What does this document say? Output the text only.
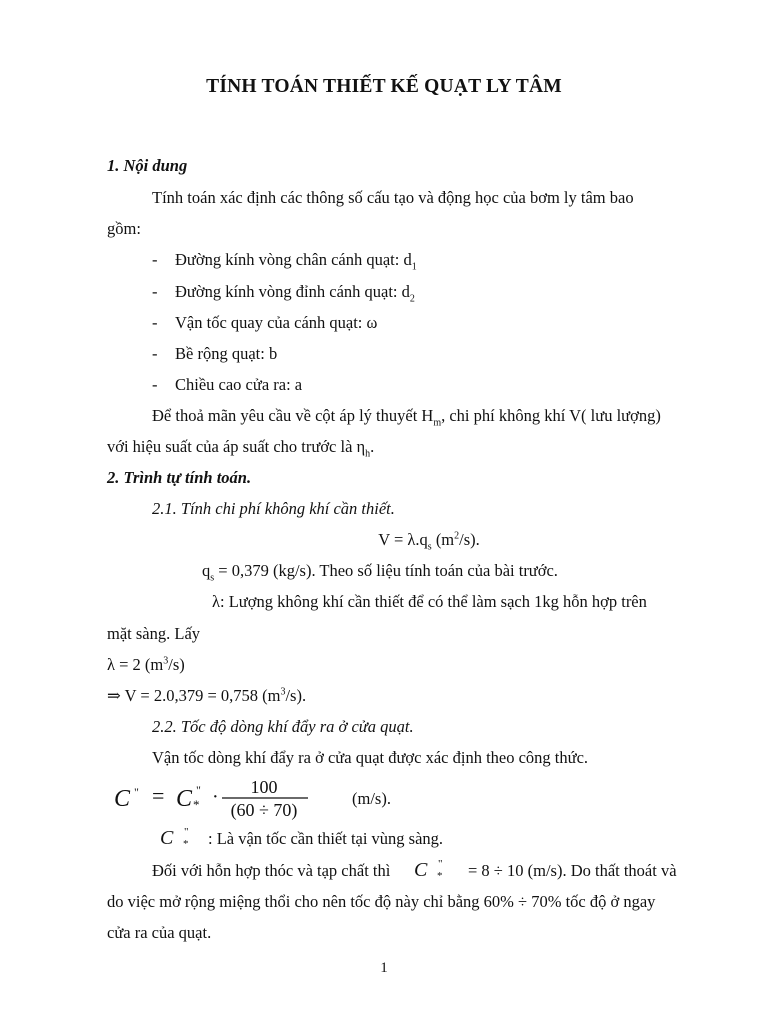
TÍNH TOÁN THIẾT KẾ QUẠT LY TÂM
1. Nội dung
Tính toán xác định các thông số cấu tạo và động học của bơm ly tâm bao
gồm:
- Đường kính vòng chân cánh quạt: $d_1$
- Đường kính vòng đỉnh cánh quạt: $d_2$
- Vận tốc quay của cánh quạt: ω
- Bề rộng quạt: b
- Chiều cao cửa ra: a
Để thoả mãn yêu cầu về cột áp lý thuyết $H_m$, chi phí không khí V( lưu lượng)
với hiệu suất của áp suất cho trước là $\eta_h$.
2. Trình tự tính toán.
2.1. Tính chi phí không khí cần thiết.
$V = \lambda.q_s$ $(m^2/s)$.
$q_s = 0,379$ (kg/s). Theo số liệu tính toán của bài trước.
λ: Lượng không khí cần thiết để có thể làm sạch 1kg hỗn hợp trên
mặt sàng. Lấy
λ = 2 $(m^3/s)$
⇒ V = 2.0,379 = 0,758 $(m^3/s)$.
2.2. Tốc độ dòng khí đẩy ra ở cửa quạt.
Vận tốc dòng khí đẩy ra ở cửa quạt được xác định theo công thức.
C " = C "
* · 100
(60 ÷ 70)
(m/s).
C "
* : Là vận tốc cần thiết tại vùng sàng.
Đối với hỗn hợp thóc và tạp chất thì C "
* = 8 ÷ 10 (m/s). Do thất thoát và
do việc mở rộng miệng thổi cho nên tốc độ này chỉ bằng 60% ÷ 70% tốc độ ở ngay
cửa ra của quạt.
1
